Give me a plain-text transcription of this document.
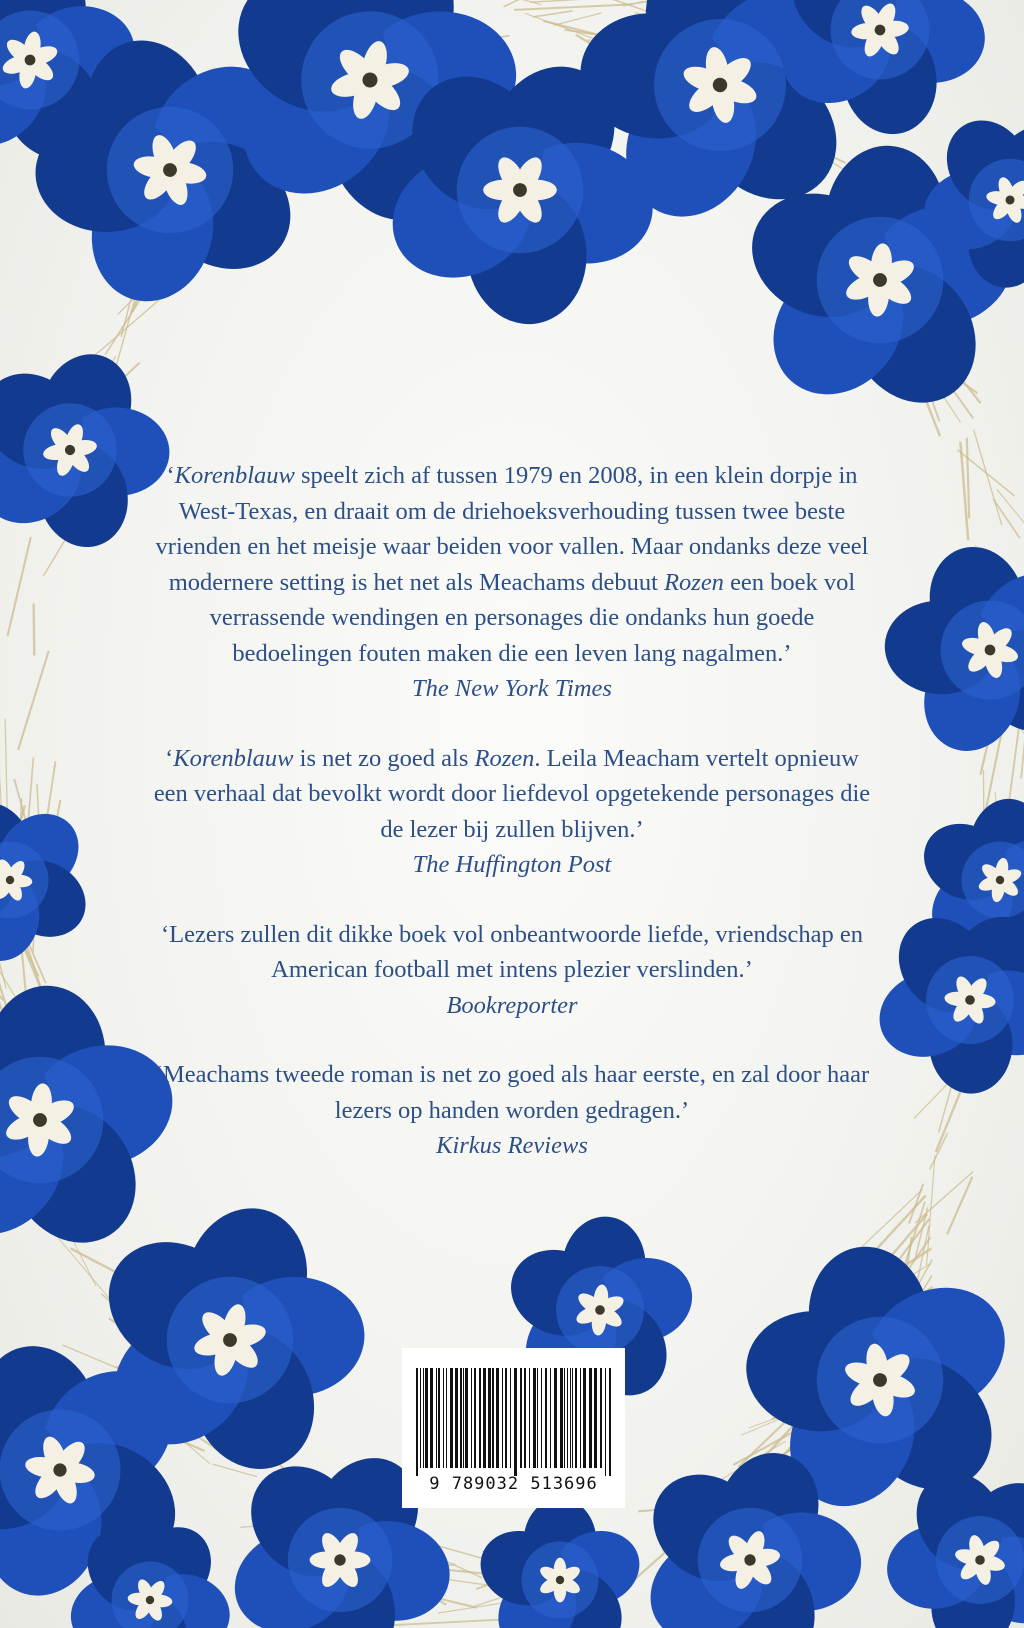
‘Korenblauw speelt zich af tussen 1979 en 2008, in een klein dorpje in West-Texas, en draait om de driehoeksverhouding tussen twee beste vrienden en het meisje waar beiden voor vallen. Maar ondanks deze veel modernere setting is het net als Meachams debuut Rozen een boek vol verrassende wendingen en personages die ondanks hun goede bedoelingen fouten maken die een leven lang nagalmen.’

The New York Times

‘Korenblauw is net zo goed als Rozen. Leila Meacham vertelt opnieuw een verhaal dat bevolkt wordt door liefdevol opgetekende personages die de lezer bij zullen blijven.’

The Huffington Post

‘Lezers zullen dit dikke boek vol onbeantwoorde liefde, vriendschap en American football met intens plezier verslinden.’

Bookreporter

‘Meachams tweede roman is net zo goed als haar eerste, en zal door haar lezers op handen worden gedragen.’

Kirkus Reviews
9 789032 513696
